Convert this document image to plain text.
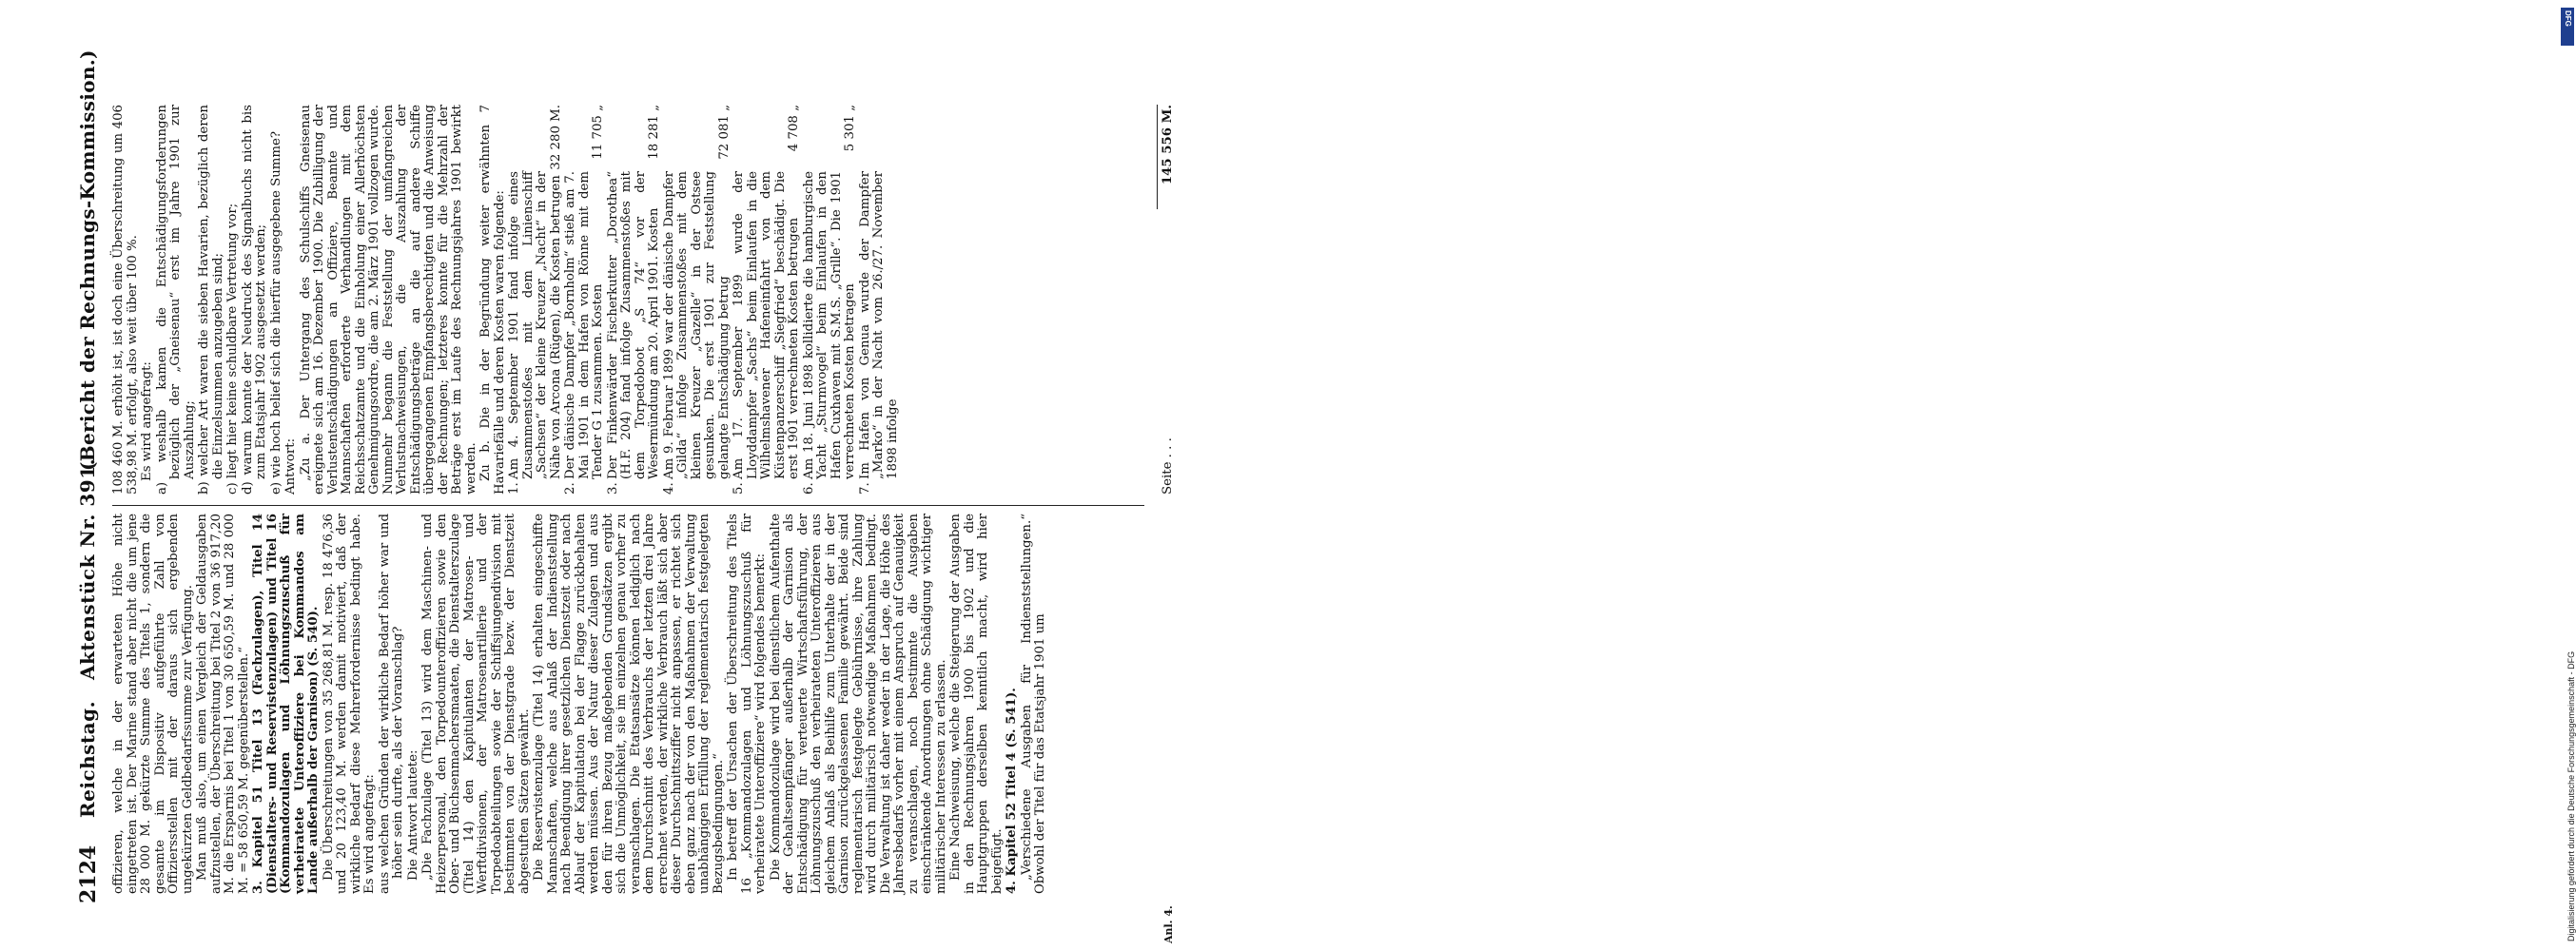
2124
Reichstag.
Aktenstück Nr. 391.
(Bericht der Rechnungs-Kommission.)

offizieren, welche in der erwarteten Höhe nicht eingetreten ist. Der Marine stand aber nicht die um jene 28 000 M. gekürzte Summe des Titels 1, sondern die gesamte im Dispositiv aufgeführte Zahl von Offiziersstellen mit der daraus sich ergebenden ungekürzten Geldbedarfssumme zur Verfügung. Man muß also, um einen Vergleich der Geldausgaben aufzustellen, der Überschreitung bei Titel 2 von 36 917,20 M. die Ersparnis bei Titel 1 von 30 650,59 M. und 28 000 M. = 58 650,59 M. gegenüberstellen.“ 3. Kapitel 51 Titel 13 (Fachzulagen), Titel 14 (Dienstalters- und Reservistenzulagen) und Titel 16 (Kommandozulagen und Löhnungszuschuß für verheiratete Unteroffiziere bei Kommandos am Lande außerhalb der Garnison) (S. 540). Die Überschreitungen von 35 268,81 M. resp. 18 476,36 und 20 123,40 M. werden damit motiviert, daß der wirkliche Bedarf diese Mehrerfordernisse bedingt habe. Es wird angefragt: aus welchen Gründen der wirkliche Bedarf höher war und höher sein durfte, als der Voranschlag? Die Antwort lautete: „Die Fachzulage (Titel 13) wird dem Maschinen- und Heizerpersonal, den Torpedounteroffizieren sowie den Ober- und Büchsenmachersmaaten, die Dienstalterszulage (Titel 14) den Kapitulanten der Matrosen- und Werftdivisionen, der Matrosenartillerie und der Torpedoabteilungen sowie der Schiffsjungendivision mit bestimmten von der Dienstgrade bezw. der Dienstzeit abgestuften Sätzen gewährt. Die Reservistenzulage (Titel 14) erhalten eingeschiffte Mannschaften, welche aus Anlaß der Indienststellung nach Beendigung ihrer gesetzlichen Dienstzeit oder nach Ablauf der Kapitulation bei der Flagge zurückbehalten werden müssen. Aus der Natur dieser Zulagen und aus den für ihren Bezug maßgebenden Grundsätzen ergibt sich die Unmöglichkeit, sie im einzelnen genau vorher zu veranschlagen. Die Etatsansätze können lediglich nach dem Durchschnitt des Verbrauchs der letzten drei Jahre errechnet werden, der wirkliche Verbrauch läßt sich aber dieser Durchschnittsziffer nicht anpassen, er richtet sich eben ganz nach der von den Maßnahmen der Verwaltung unabhängigen Erfüllung der reglementarisch festgelegten Bezugsbedingungen.“ In betreff der Ursachen der Überschreitung des Titels 16 „Kommandozulagen und Löhnungszuschuß für verheiratete Unteroffiziere“ wird folgendes bemerkt: Die Kommandozulage wird bei dienstlichem Aufenthalte der Gehaltsempfänger außerhalb der Garnison als Entschädigung für verteuerte Wirtschaftsführung, der Löhnungszuschuß den verheirateten Unteroffizieren aus gleichem Anlaß als Beihilfe zum Unterhalte der in der Garnison zurückgelassenen Familie gewährt. Beide sind reglementarisch festgelegte Gebührnisse, ihre Zahlung wird durch militärisch notwendige Maßnahmen bedingt. Die Verwaltung ist daher weder in der Lage, die Höhe des Jahresbedarfs vorher mit einem Anspruch auf Genauigkeit zu veranschlagen, noch bestimmte die Ausgaben einschränkende Anordnungen ohne Schädigung wichtiger militärischer Interessen zu erlassen. Eine Nachweisung, welche die Steigerung der Ausgaben in den Rechnungsjahren 1900 bis 1902 und die Hauptgruppen derselben kenntlich macht, wird hier beigefügt. 4. Kapitel 52 Titel 4 (S. 541). „Verschiedene Ausgaben für Indienststellungen.“ Obwohl der Titel für das Etatsjahr 1901 um

108 460 M. erhöht ist, ist doch eine Überschreitung um 406 538,98 M. erfolgt, also weit über 100 %. Es wird angefragt: a) weshalb kamen die Entschädigungsforderungen bezüglich der „Gneisenau“ erst im Jahre 1901 zur Auszahlung; b) welcher Art waren die sieben Havarien, bezüglich deren die Einzelsummen anzugeben sind; c) liegt hier keine schuldbare Vertretung vor; d) warum konnte der Neudruck des Signalbuchs nicht bis zum Etatsjahr 1902 ausgesetzt werden; e) wie hoch belief sich die hierfür ausgegebene Summe? Antwort: „Zu a. Der Untergang des Schulschiffs Gneisenau ereignete sich am 16. Dezember 1900. Die Zubilligung der Verlustentschädigungen an Offiziere, Beamte und Mannschaften erforderte Verhandlungen mit dem Reichsschatzamte und die Einholung einer Allerhöchsten Genehmigungsordre, die am 2. März 1901 vollzogen wurde. Nunmehr begann die Feststellung der umfangreichen Verlustnachweisungen, die Auszahlung der Entschädigungsbeträge an die auf andere Schiffe übergegangenen Empfangsberechtigten und die Anweisung der Rechnungen; letzteres konnte für die Mehrzahl der Beträge erst im Laufe des Rechnungsjahres 1901 bewirkt werden. Zu b. Die in der Begründung weiter erwähnten 7 Havariefälle und deren Kosten waren folgende: 1.
Am 4. September 1901 fand infolge eines Zusammenstoßes mit dem Linienschiff „Sachsen“ der kleine Kreuzer „Nacht“ in der Nähe von Arcona (Rügen), die Kosten betrugen
32 280 M.
2.
Der dänische Dampfer „Bornholm“ stieß am 7. Mai 1901 in dem Hafen von Rönne mit dem Tender G 1 zusammen. Kosten
11 705 „
3.
Der Finkenwärder Fischerkutter „Dorothea“ (H.F. 204) fand infolge Zusammenstoßes mit dem Torpedoboot „S 74“ vor der Wesermündung am 20. April 1901. Kosten
18 281 „
4.
Am 9. Februar 1899 war der dänische Dampfer „Gilda“ infolge Zusammenstoßes mit dem kleinen Kreuzer „Gazelle“ in der Ostsee gesunken. Die erst 1901 zur Feststellung gelangte Entschädigung betrug
72 081 „
5.
Am 17. September 1899 wurde der Lloyddampfer „Sachs“ beim Einlaufen in die Wilhelmshavener Hafeneinfahrt von dem Küstenpanzerschiff „Siegfried“ beschädigt. Die erst 1901 verrechneten Kosten betrugen
4 708 „
6.
Am 18. Juni 1898 kollidierte die hamburgische Yacht „Sturmvogel“ beim Einlaufen in den Hafen Cuxhaven mit S.M.S. „Grille“. Die 1901 verrechneten Kosten betragen
5 301 „
7.
Im Hafen von Genua wurde der Dampfer „Marko“ in der Nacht vom 26./27. November 1898 infolge	Seite . . .
145 556 M.
Anl. 4.
DFG
Digitalisierung gefördert durch die Deutsche Forschungsgemeinschaft - DFG
